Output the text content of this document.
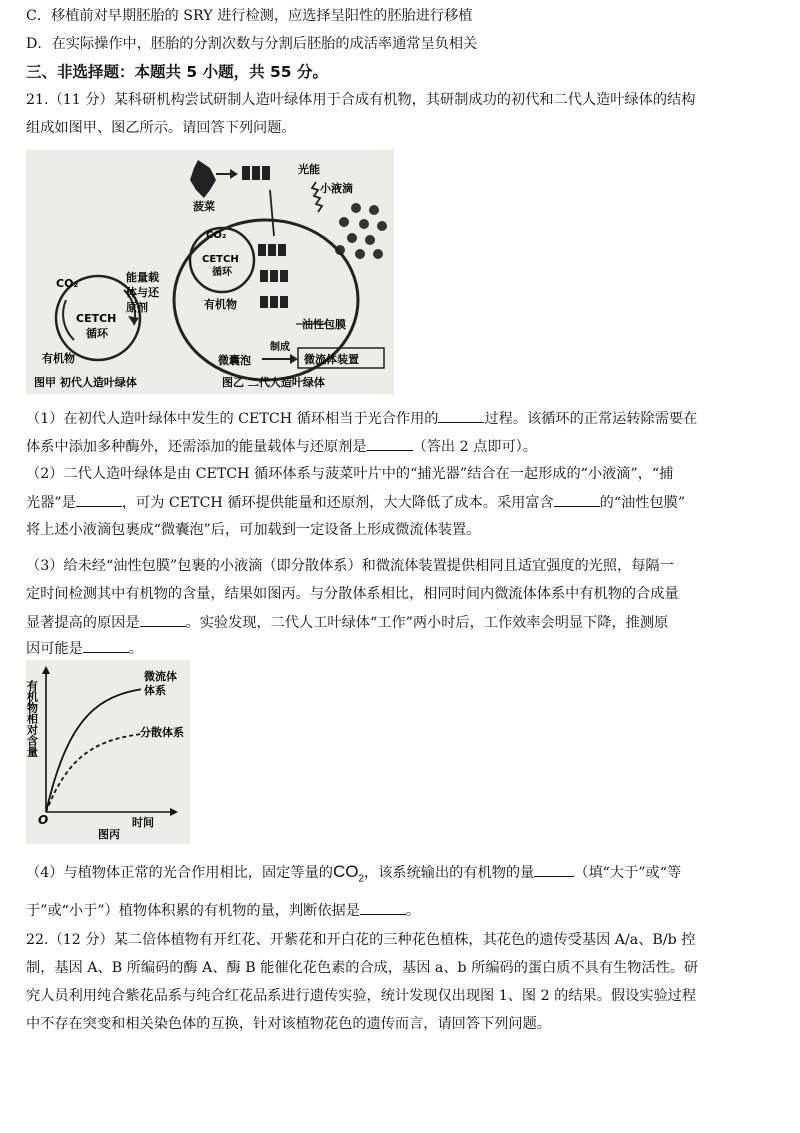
C．移植前对早期胚胎的 SRY 进行检测，应选择呈阳性的胚胎进行移植
D．在实际操作中，胚胎的分割次数与分割后胚胎的成活率通常呈负相关
三、非选择题：本题共 5 小题，共 55 分。
21.（11 分）某科研机构尝试研制人造叶绿体用于合成有机物，其研制成功的初代和二代人造叶绿体的结构
组成如图甲、图乙所示。请回答下列问题。
CO₂
CETCH
循环
能量载
体与还
原剂
有机物
图甲 初代人造叶绿体
菠菜
光能
小液滴
CO₂
CETCH
循环
有机物
油性包膜
微囊泡
制成
微流体装置
图乙 二代人造叶绿体
（1）在初代人造叶绿体中发生的 CETCH 循环相当于光合作用的	过程。该循环的正常运转除需要在
体系中添加多种酶外，还需添加的能量载体与还原剂是	（答出 2 点即可）。
（2）二代人造叶绿体是由 CETCH 循环体系与菠菜叶片中的“捕光器”结合在一起形成的“小液滴”，“捕
光器”是	，可为 CETCH 循环提供能量和还原剂，大大降低了成本。采用富含	的“油性包膜”
将上述小液滴包裹成“微囊泡”后，可加载到一定设备上形成微流体装置。
（3）给未经“油性包膜”包裹的小液滴（即分散体系）和微流体装置提供相同且适宜强度的光照，每隔一
定时间检测其中有机物的含量，结果如图丙。与分散体系相比，相同时间内微流体体系中有机物的合成量
显著提高的原因是	。实验发现，二代人工叶绿体“工作”两小时后，工作效率会明显下降，推测原
因可能是	。
有机物相对含量
O	时间
微流体
体系
分散体系
图丙
（4）与植物体正常的光合作用相比，固定等量的$CO_2$，该系统输出的有机物的量	（填“大于”或“等
于”或“小于”）植物体积累的有机物的量，判断依据是	。
22.（12 分）某二倍体植物有开红花、开紫花和开白花的三种花色植株，其花色的遗传受基因 A/a、B/b 控
制，基因 A、B 所编码的酶 A、酶 B 能催化花色素的合成，基因 a、b 所编码的蛋白质不具有生物活性。研
究人员利用纯合紫花品系与纯合红花品系进行遗传实验，统计发现仅出现图 1、图 2 的结果。假设实验过程
中不存在突变和相关染色体的互换，针对该植物花色的遗传而言，请回答下列问题。
